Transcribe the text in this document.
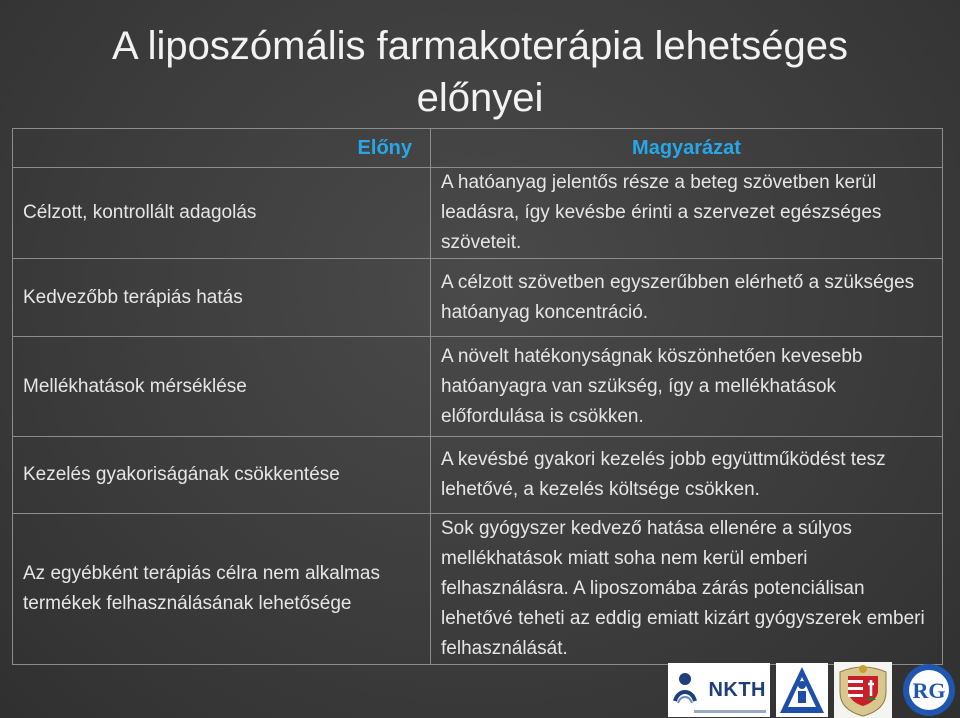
A liposzómális farmakoterápia lehetséges
előnyei
Előny	Magyarázat
Célzott, kontrollált adagolás	A hatóanyag jelentős része a beteg szövetben kerül leadásra, így kevésbe érinti a szervezet egészséges szöveteit.
Kedvezőbb terápiás hatás	A célzott szövetben egyszerűbben elérhető a szükséges hatóanyag koncentráció.
Mellékhatások mérséklése	A növelt hatékonyságnak köszönhetően kevesebb hatóanyagra van szükség, így a mellékhatások előfordulása is csökken.
Kezelés gyakoriságának csökkentése	A kevésbé gyakori kezelés jobb együttműködést tesz lehetővé, a kezelés költsége csökken.
Az egyébként terápiás célra nem alkalmas termékek felhasználásának lehetősége	Sok gyógyszer kedvező hatása ellenére a súlyos mellékhatások miatt soha nem kerül emberi felhasználásra. A liposzomába zárás potenciálisan lehetővé teheti az eddig emiatt kizárt gyógyszerek emberi felhasználását.
NKTH	RG
